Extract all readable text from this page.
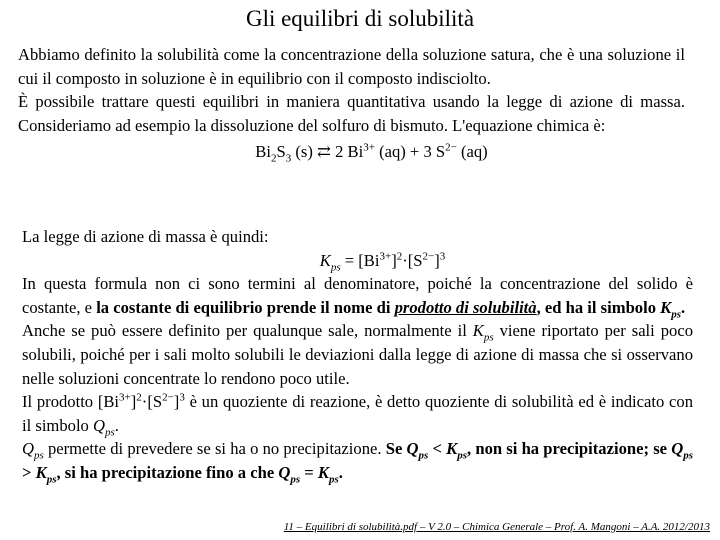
Gli equilibri di solubilità

Abbiamo definito la solubilità come la concentrazione della soluzione satura, che è una soluzione il cui il composto in soluzione è in equilibrio con il composto indisciolto.

È possibile trattare questi equilibri in maniera quantitativa usando la legge di azione di massa. Consideriamo ad esempio la dissoluzione del solfuro di bismuto. L'equazione chimica è:

$Bi_2S_3$ (s) ⇄ 2 $Bi^{3+}$ (aq) + 3 $S^{2-}$ (aq)

La legge di azione di massa è quindi:

$K_{ps} = [Bi^{3+}]^2\cdot[S^{2-}]^3$

In questa formula non ci sono termini al denominatore, poiché la concentrazione del solido è costante, e la costante di equilibrio prende il nome di prodotto di solubilità, ed ha il simbolo $K_{ps}$.

Anche se può essere definito per qualunque sale, normalmente il $K_{ps}$ viene riportato per sali poco solubili, poiché per i sali molto solubili le deviazioni dalla legge di azione di massa che si osservano nelle soluzioni concentrate lo rendono poco utile.

Il prodotto $[Bi^{3+}]^2\cdot[S^{2-}]^3$ è un quoziente di reazione, è detto quoziente di solubilità ed è indicato con il simbolo $Q_{ps}$.

$Q_{ps}$ permette di prevedere se si ha o no precipitazione. Se $Q_{ps} < K_{ps}$, non si ha precipitazione; se $Q_{ps} > K_{ps}$, si ha precipitazione fino a che $Q_{ps} = K_{ps}$.

11 – Equilibri di solubilità.pdf – V 2.0 – Chimica Generale – Prof. A. Mangoni – A.A. 2012/2013
